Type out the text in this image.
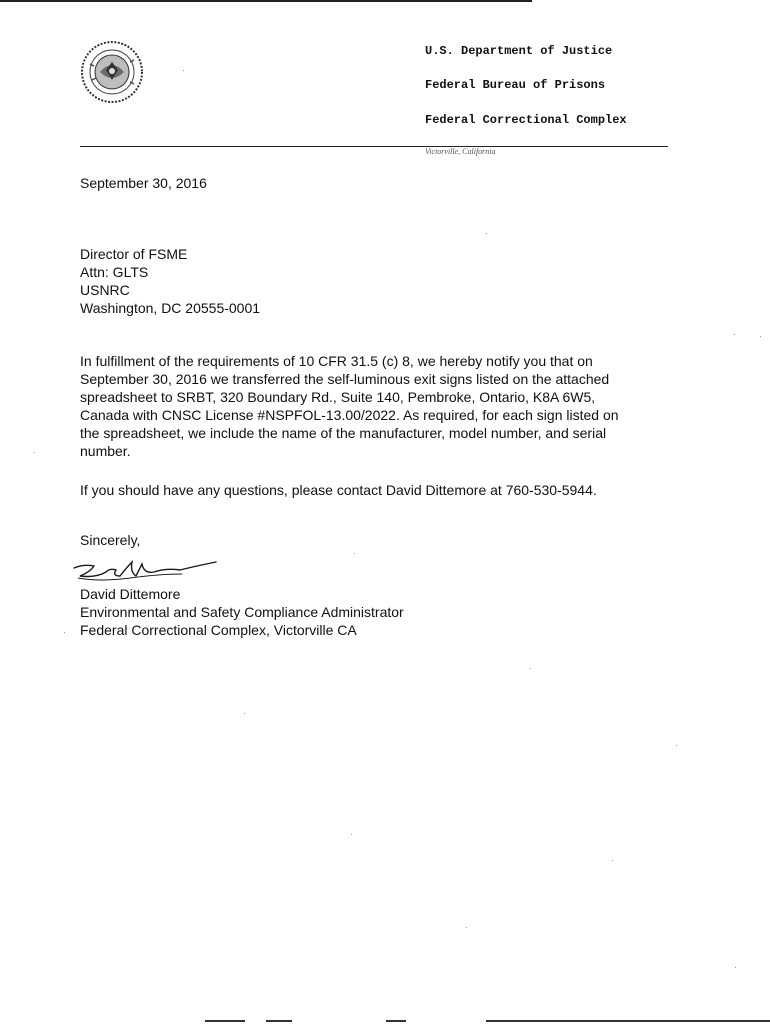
U.S. Department of Justice
Federal Bureau of Prisons
Federal Correctional Complex
Victorville, California
September 30, 2016
Director of FSME
Attn: GLTS
USNRC
Washington, DC 20555-0001
In fulfillment of the requirements of 10 CFR 31.5 (c) 8, we hereby notify you that on
September 30, 2016 we transferred the self-luminous exit signs listed on the attached
spreadsheet to SRBT, 320 Boundary Rd., Suite 140, Pembroke, Ontario, K8A 6W5,
Canada with CNSC License #NSPFOL-13.00/2022. As required, for each sign listed on
the spreadsheet, we include the name of the manufacturer, model number, and serial
number.
If you should have any questions, please contact David Dittemore at 760-530-5944.
Sincerely,
David Dittemore
Environmental and Safety Compliance Administrator
Federal Correctional Complex, Victorville CA
